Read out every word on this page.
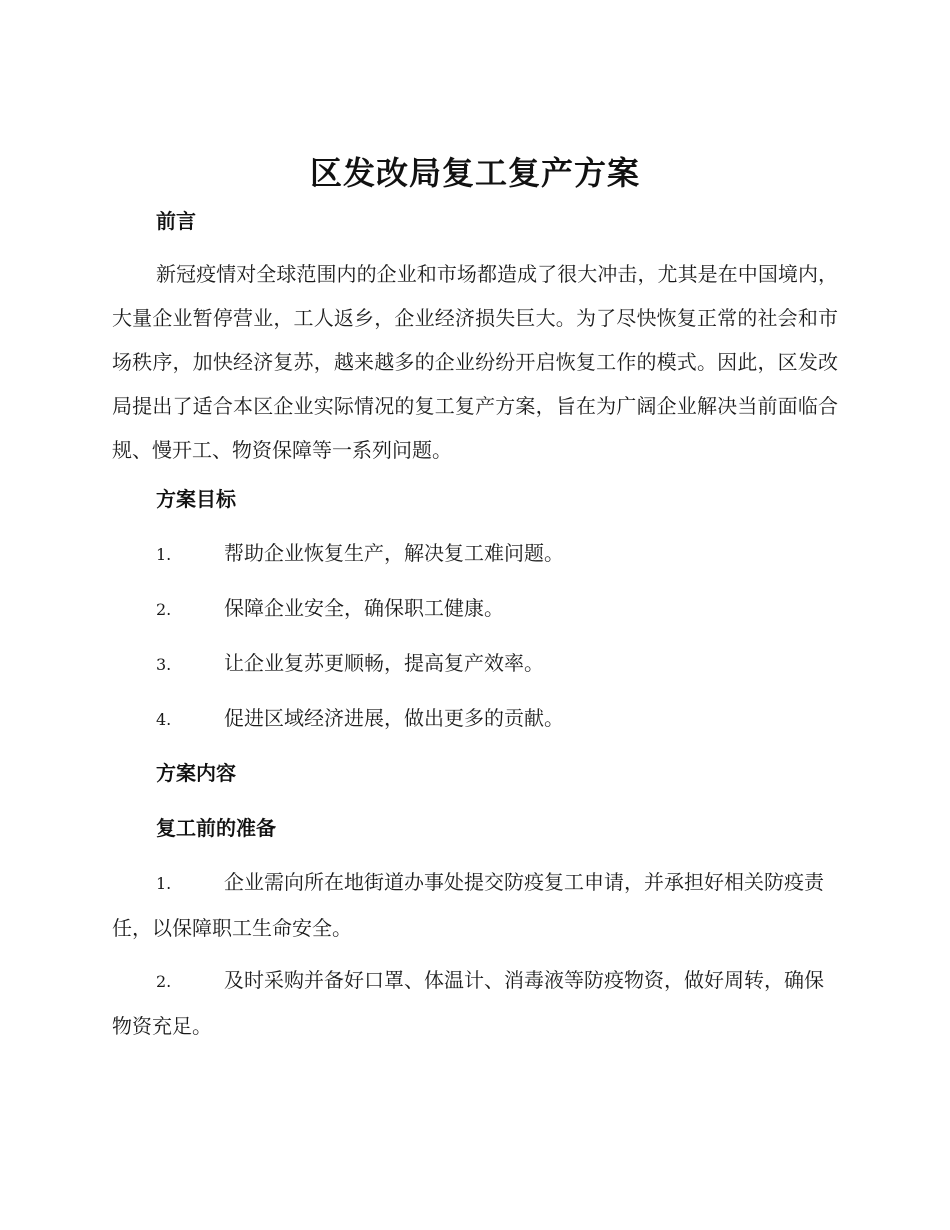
区发改局复工复产方案
前言

新冠疫情对全球范围内的企业和市场都造成了很大冲击，尤其是在中国境内，大量企业暂停营业，工人返乡，企业经济损失巨大。为了尽快恢复正常的社会和市场秩序，加快经济复苏，越来越多的企业纷纷开启恢复工作的模式。因此，区发改局提出了适合本区企业实际情况的复工复产方案，旨在为广阔企业解决当前面临合规、慢开工、物资保障等一系列问题。

方案目标
1.	帮助企业恢复生产，解决复工难问题。
2.	保障企业安全，确保职工健康。
3.	让企业复苏更顺畅，提高复产效率。
4.	促进区域经济进展，做出更多的贡献。
方案内容
复工前的准备

1.	企业需向所在地街道办事处提交防疫复工申请，并承担好相关防疫责任，以保障职工生命安全。

2.	及时采购并备好口罩、体温计、消毒液等防疫物资，做好周转，确保物资充足。
